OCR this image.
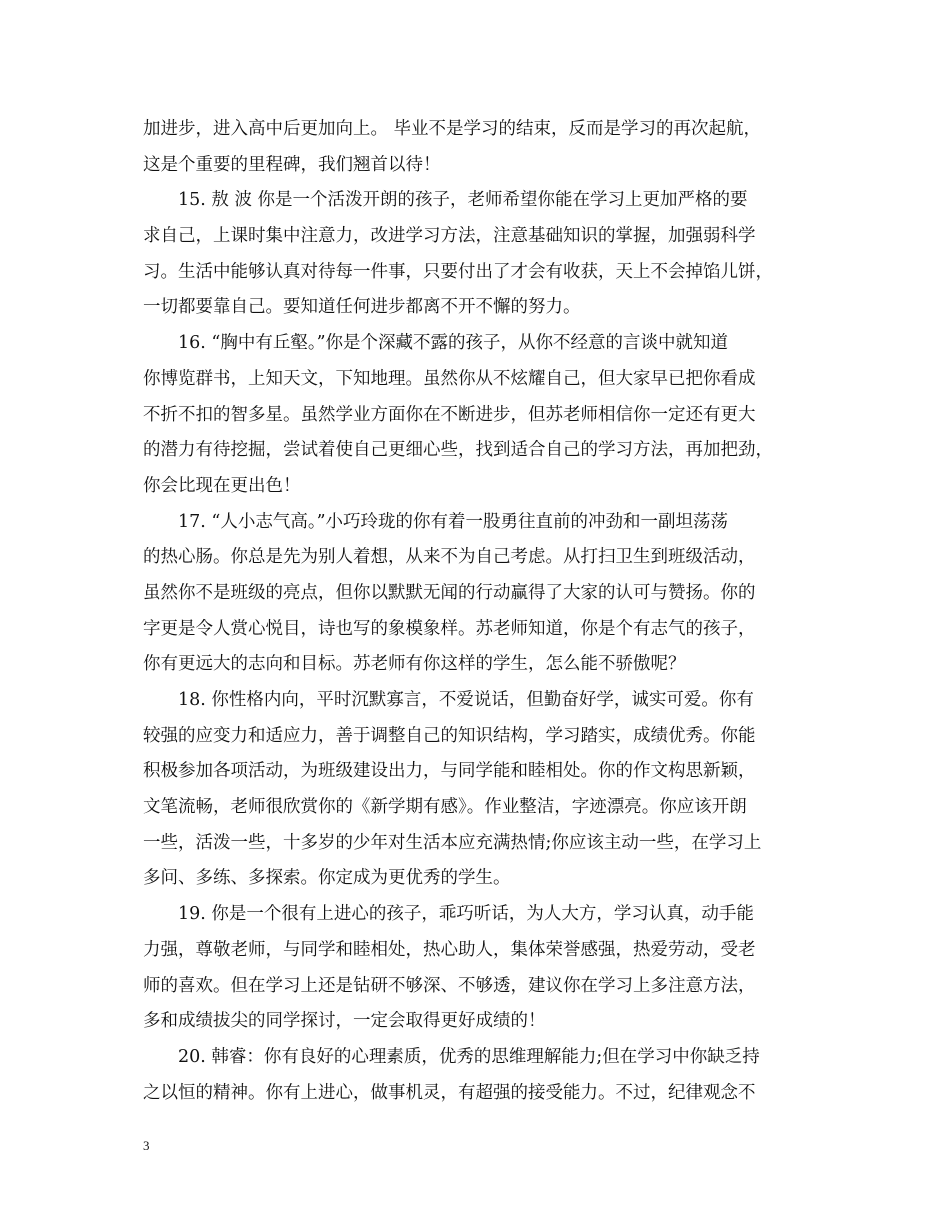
加进步，进入高中后更加向上。 毕业不是学习的结束，反而是学习的再次起航，
这是个重要的里程碑，我们翘首以待！
15. 敖 波 你是一个活泼开朗的孩子，老师希望你能在学习上更加严格的要
求自己，上课时集中注意力，改进学习方法，注意基础知识的掌握，加强弱科学
习。生活中能够认真对待每一件事，只要付出了才会有收获，天上不会掉馅儿饼，
一切都要靠自己。要知道任何进步都离不开不懈的努力。
16. “胸中有丘壑。”你是个深藏不露的孩子，从你不经意的言谈中就知道
你博览群书，上知天文，下知地理。虽然你从不炫耀自己，但大家早已把你看成
不折不扣的智多星。虽然学业方面你在不断进步，但苏老师相信你一定还有更大
的潜力有待挖掘，尝试着使自己更细心些，找到适合自己的学习方法，再加把劲，
你会比现在更出色！
17. “人小志气高。”小巧玲珑的你有着一股勇往直前的冲劲和一副坦荡荡
的热心肠。你总是先为别人着想，从来不为自己考虑。从打扫卫生到班级活动，
虽然你不是班级的亮点，但你以默默无闻的行动赢得了大家的认可与赞扬。你的
字更是令人赏心悦目，诗也写的象模象样。苏老师知道，你是个有志气的孩子，
你有更远大的志向和目标。苏老师有你这样的学生，怎么能不骄傲呢？
18. 你性格内向，平时沉默寡言，不爱说话，但勤奋好学，诚实可爱。你有
较强的应变力和适应力，善于调整自己的知识结构，学习踏实，成绩优秀。你能
积极参加各项活动，为班级建设出力，与同学能和睦相处。你的作文构思新颖，
文笔流畅，老师很欣赏你的《新学期有感》。作业整洁，字迹漂亮。你应该开朗
一些，活泼一些，十多岁的少年对生活本应充满热情;你应该主动一些，在学习上
多问、多练、多探索。你定成为更优秀的学生。
19. 你是一个很有上进心的孩子，乖巧听话，为人大方，学习认真，动手能
力强，尊敬老师，与同学和睦相处，热心助人，集体荣誉感强，热爱劳动，受老
师的喜欢。但在学习上还是钻研不够深、不够透，建议你在学习上多注意方法，
多和成绩拔尖的同学探讨，一定会取得更好成绩的！
20. 韩睿：你有良好的心理素质，优秀的思维理解能力;但在学习中你缺乏持
之以恒的精神。你有上进心，做事机灵，有超强的接受能力。不过，纪律观念不
3
